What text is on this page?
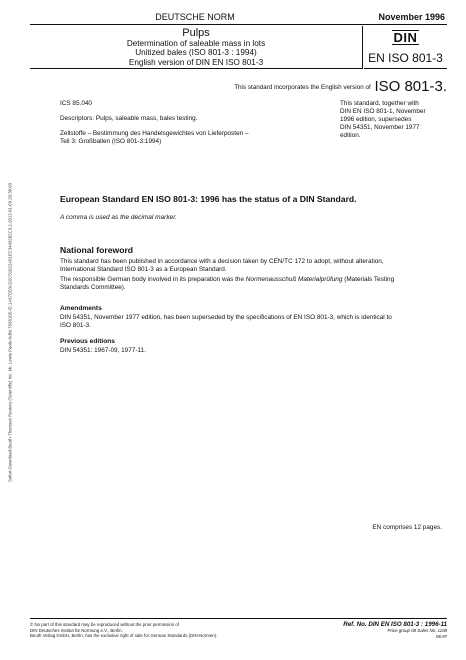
Sofort-Download-Beuth-Thomson Reuters (Scientific) Inc. Mr. Lewis Poole-KdNr.7566105-ID.1A67D53AD2C51622A61EC3443202C3.2-2012-01-03 20:30:03
DEUTSCHE NORM	November 1996
Pulps
Determination of saleable mass in lots
Unitized bales (ISO 801-3 : 1994)
English version of DIN EN ISO 801-3
DIN
EN ISO 801-3
This standard incorporates the English version of ISO 801-3.
ICS 85.040
Descriptors: Pulps, saleable mass, bales testing.
Zellstoffe – Bestimmung des Handelsgewichtes von Lieferposten –
Teil 3: Großballen (ISO 801-3:1994)
This standard, together with
DIN EN ISO 801-1, November
1996 edition, supersedes
DIN 54351, November 1977
edition.
European Standard EN ISO 801-3: 1996 has the status of a DIN Standard.
A comma is used as the decimal marker.
National foreword
This standard has been published in accordance with a decision taken by CEN/TC 172 to adopt, without alteration,
International Standard ISO 801-3 as a European Standard.
The responsible German body involved in its preparation was the Normenausschuß Materialprüfung (Materials Testing
Standards Committee).
Amendments
DIN 54351, November 1977 edition, has been superseded by the specifications of EN ISO 801-3, which is identical to
ISO 801-3.
Previous editions
DIN 54351: 1967-09, 1977-11.
EN comprises 12 pages.
© No part of this standard may be reproduced without the prior permission of
DIN Deutsches Institut für Normung e.V., Berlin.
Beuth Verlag GmbH, Berlin, has the exclusive right of sale for German Standards (DIN-Normen).
Ref. No. DIN EN ISO 801-3 : 1996-11
Price group 08 Sales No. 1108
06.97
